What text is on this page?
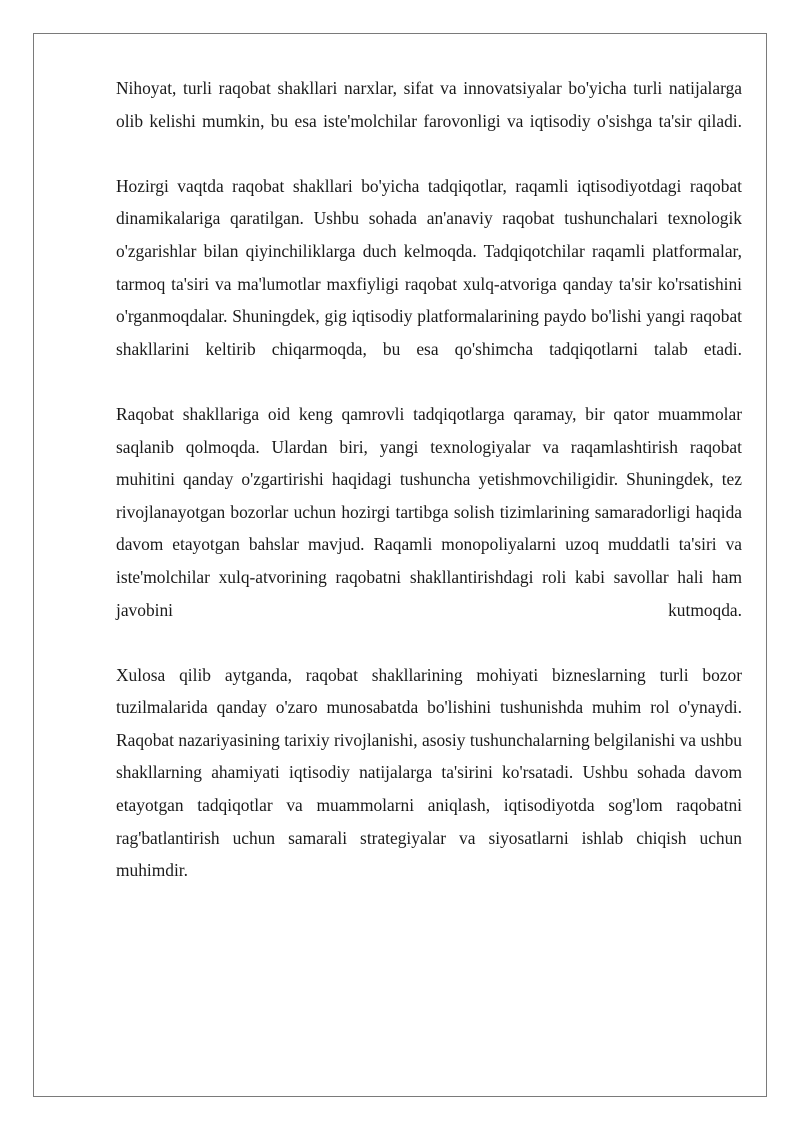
Nihoyat, turli raqobat shakllari narxlar, sifat va innovatsiyalar bo'yicha turli natijalarga olib kelishi mumkin, bu esa iste'molchilar farovonligi va iqtisodiy o'sishga ta'sir qiladi.

Hozirgi vaqtda raqobat shakllari bo'yicha tadqiqotlar, raqamli iqtisodiyotdagi raqobat dinamikalariga qaratilgan. Ushbu sohada an'anaviy raqobat tushunchalari texnologik o'zgarishlar bilan qiyinchiliklarga duch kelmoqda. Tadqiqotchilar raqamli platformalar, tarmoq ta'siri va ma'lumotlar maxfiyligi raqobat xulq-atvoriga qanday ta'sir ko'rsatishini o'rganmoqdalar. Shuningdek, gig iqtisodiy platformalarining paydo bo'lishi yangi raqobat shakllarini keltirib chiqarmoqda, bu esa qo'shimcha tadqiqotlarni talab etadi.

Raqobat shakllariga oid keng qamrovli tadqiqotlarga qaramay, bir qator muammolar saqlanib qolmoqda. Ulardan biri, yangi texnologiyalar va raqamlashtirish raqobat muhitini qanday o'zgartirishi haqidagi tushuncha yetishmovchiligidir. Shuningdek, tez rivojlanayotgan bozorlar uchun hozirgi tartibga solish tizimlarining samaradorligi haqida davom etayotgan bahslar mavjud. Raqamli monopoliyalarni uzoq muddatli ta'siri va iste'molchilar xulq-atvorining raqobatni shakllantirishdagi roli kabi savollar hali ham javobini kutmoqda.

Xulosa qilib aytganda, raqobat shakllarining mohiyati bizneslarning turli bozor tuzilmalarida qanday o'zaro munosabatda bo'lishini tushunishda muhim rol o'ynaydi. Raqobat nazariyasining tarixiy rivojlanishi, asosiy tushunchalarning belgilanishi va ushbu shakllarning ahamiyati iqtisodiy natijalarga ta'sirini ko'rsatadi. Ushbu sohada davom etayotgan tadqiqotlar va muammolarni aniqlash, iqtisodiyotda sog'lom raqobatni rag'batlantirish uchun samarali strategiyalar va siyosatlarni ishlab chiqish uchun muhimdir.
